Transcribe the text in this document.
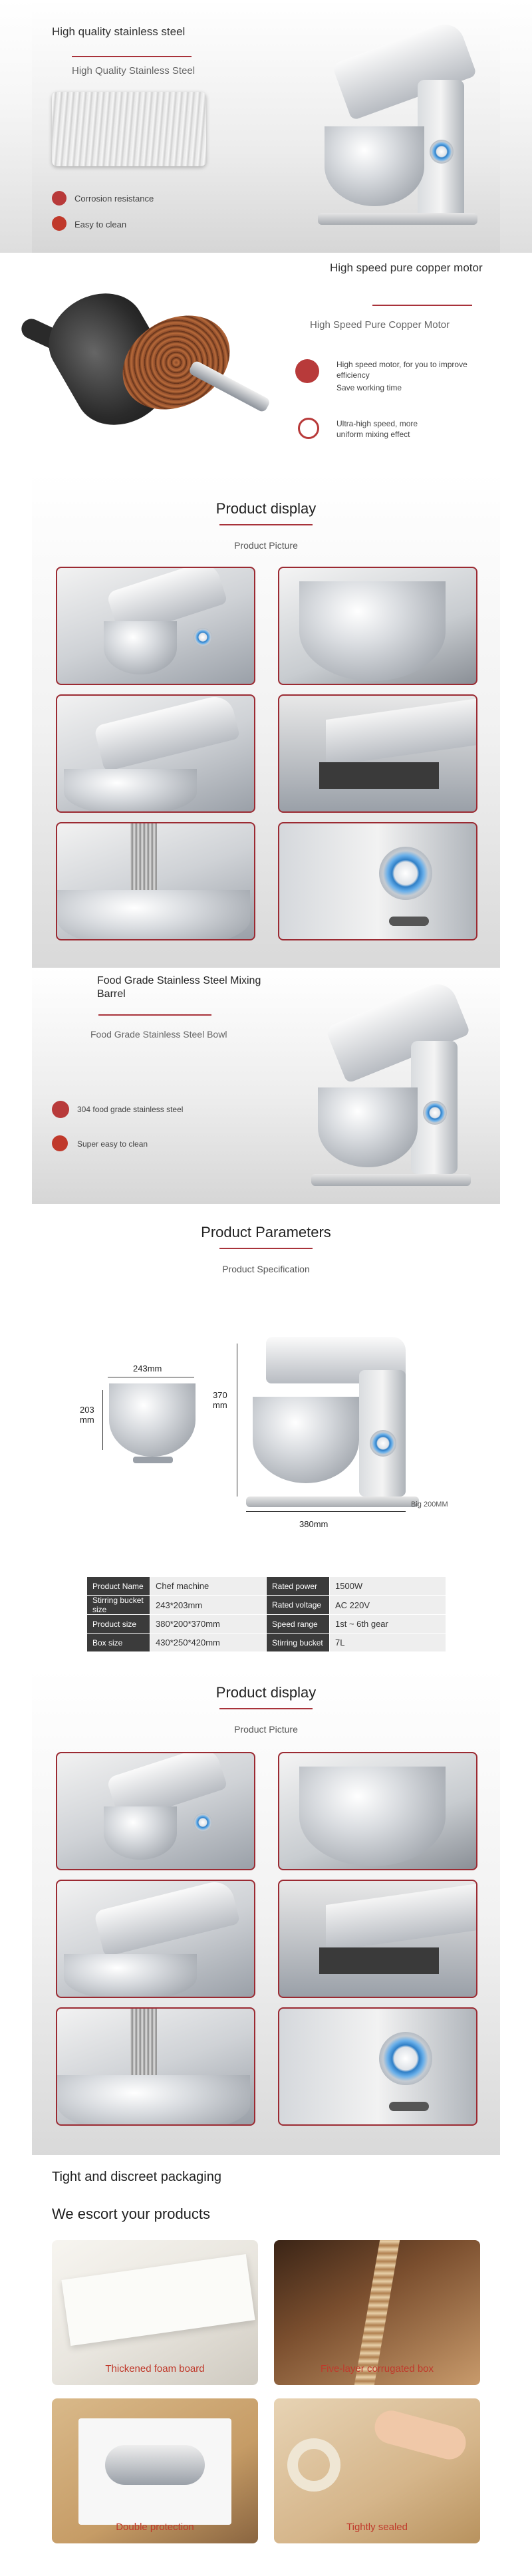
High quality stainless steel
High Quality Stainless Steel
Corrosion resistance
Easy to clean
High speed pure copper motor
High Speed Pure Copper Motor
High speed motor, for you to improve efficiency
Save working time
Ultra-high speed, more
uniform mixing effect
Product display
Product Picture
Food Grade Stainless Steel Mixing Barrel
Food Grade Stainless Steel Bowl
304 food grade stainless steel
Super easy to clean
Product Parameters
Product Specification
243mm
203
mm
370
mm
Big 200MM
380mm
Product Name	Chef machine	Rated power	1500W
Stirring bucket size	243*203mm	Rated voltage	AC 220V
Product size	380*200*370mm	Speed range	1st ~ 6th gear
Box size	430*250*420mm	Stirring bucket	7L
Product display
Product Picture
Tight and discreet packaging
We escort your products
Thickened foam board	Five-layer corrugated box
Double protection	Tightly sealed
